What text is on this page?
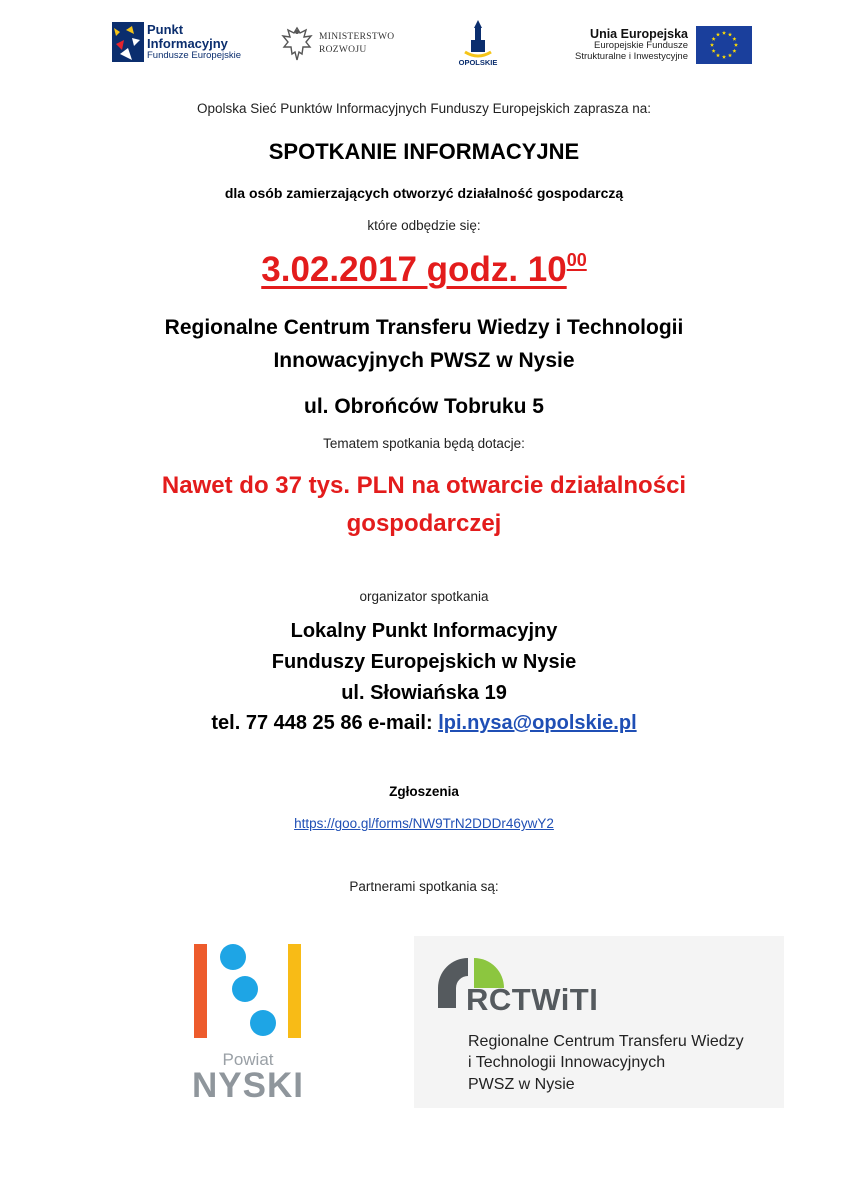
Punkt
Informacyjny
Fundusze Europejskie
MINISTERSTWO
ROZWOJU
OPOLSKIE
Unia Europejska
Europejskie Fundusze
Strukturalne i Inwestycyjne
Opolska Sieć Punktów Informacyjnych Funduszy Europejskich zaprasza na:
SPOTKANIE INFORMACYJNE
dla osób zamierzających otworzyć działalność gospodarczą
które odbędzie się:
3.02.2017 godz. $10^{00}$
Regionalne Centrum Transferu Wiedzy i Technologii
Innowacyjnych PWSZ w Nysie
ul. Obrońców Tobruku 5
Tematem spotkania będą dotacje:
Nawet do 37 tys. PLN na otwarcie działalności
gospodarczej
organizator spotkania
Lokalny Punkt Informacyjny
Funduszy Europejskich w Nysie
ul. Słowiańska 19
tel. 77 448 25 86 e-mail: lpi.nysa@opolskie.pl
Zgłoszenia
https://goo.gl/forms/NW9TrN2DDDr46ywY2
Partnerami spotkania są:
Powiat
NYSKI
RCTWiTI
Regionalne Centrum Transferu Wiedzy
i Technologii Innowacyjnych
PWSZ w Nysie
